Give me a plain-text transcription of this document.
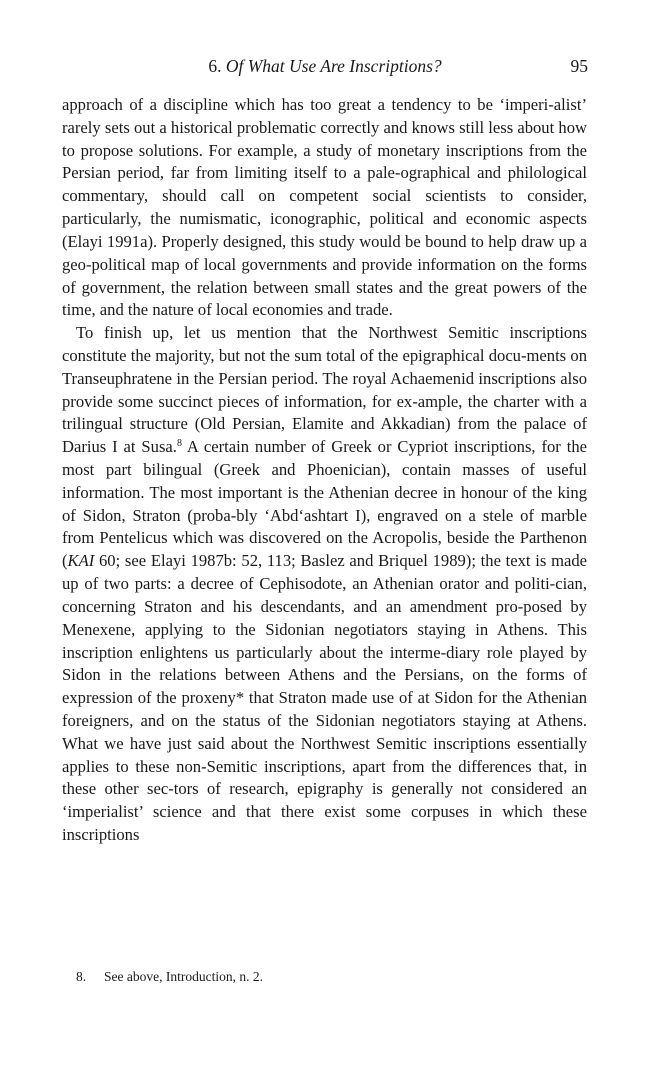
6. Of What Use Are Inscriptions?	95

approach of a discipline which has too great a tendency to be ‘imperi-alist’ rarely sets out a historical problematic correctly and knows still less about how to propose solutions. For example, a study of monetary inscriptions from the Persian period, far from limiting itself to a pale-ographical and philological commentary, should call on competent social scientists to consider, particularly, the numismatic, iconographic, political and economic aspects (Elayi 1991a). Properly designed, this study would be bound to help draw up a geo-political map of local governments and provide information on the forms of government, the relation between small states and the great powers of the time, and the nature of local economies and trade.

To finish up, let us mention that the Northwest Semitic inscriptions constitute the majority, but not the sum total of the epigraphical docu-ments on Transeuphratene in the Persian period. The royal Achaemenid inscriptions also provide some succinct pieces of information, for ex-ample, the charter with a trilingual structure (Old Persian, Elamite and Akkadian) from the palace of Darius I at Susa.$^8$ A certain number of Greek or Cypriot inscriptions, for the most part bilingual (Greek and Phoenician), contain masses of useful information. The most important is the Athenian decree in honour of the king of Sidon, Straton (proba-bly ‘Abd‘ashtart I), engraved on a stele of marble from Pentelicus which was discovered on the Acropolis, beside the Parthenon (KAI 60; see Elayi 1987b: 52, 113; Baslez and Briquel 1989); the text is made up of two parts: a decree of Cephisodote, an Athenian orator and politi-cian, concerning Straton and his descendants, and an amendment pro-posed by Menexene, applying to the Sidonian negotiators staying in Athens. This inscription enlightens us particularly about the interme-diary role played by Sidon in the relations between Athens and the Persians, on the forms of expression of the proxeny* that Straton made use of at Sidon for the Athenian foreigners, and on the status of the Sidonian negotiators staying at Athens. What we have just said about the Northwest Semitic inscriptions essentially applies to these non-Semitic inscriptions, apart from the differences that, in these other sec-tors of research, epigraphy is generally not considered an ‘imperialist’ science and that there exist some corpuses in which these inscriptions

8. See above, Introduction, n. 2.
